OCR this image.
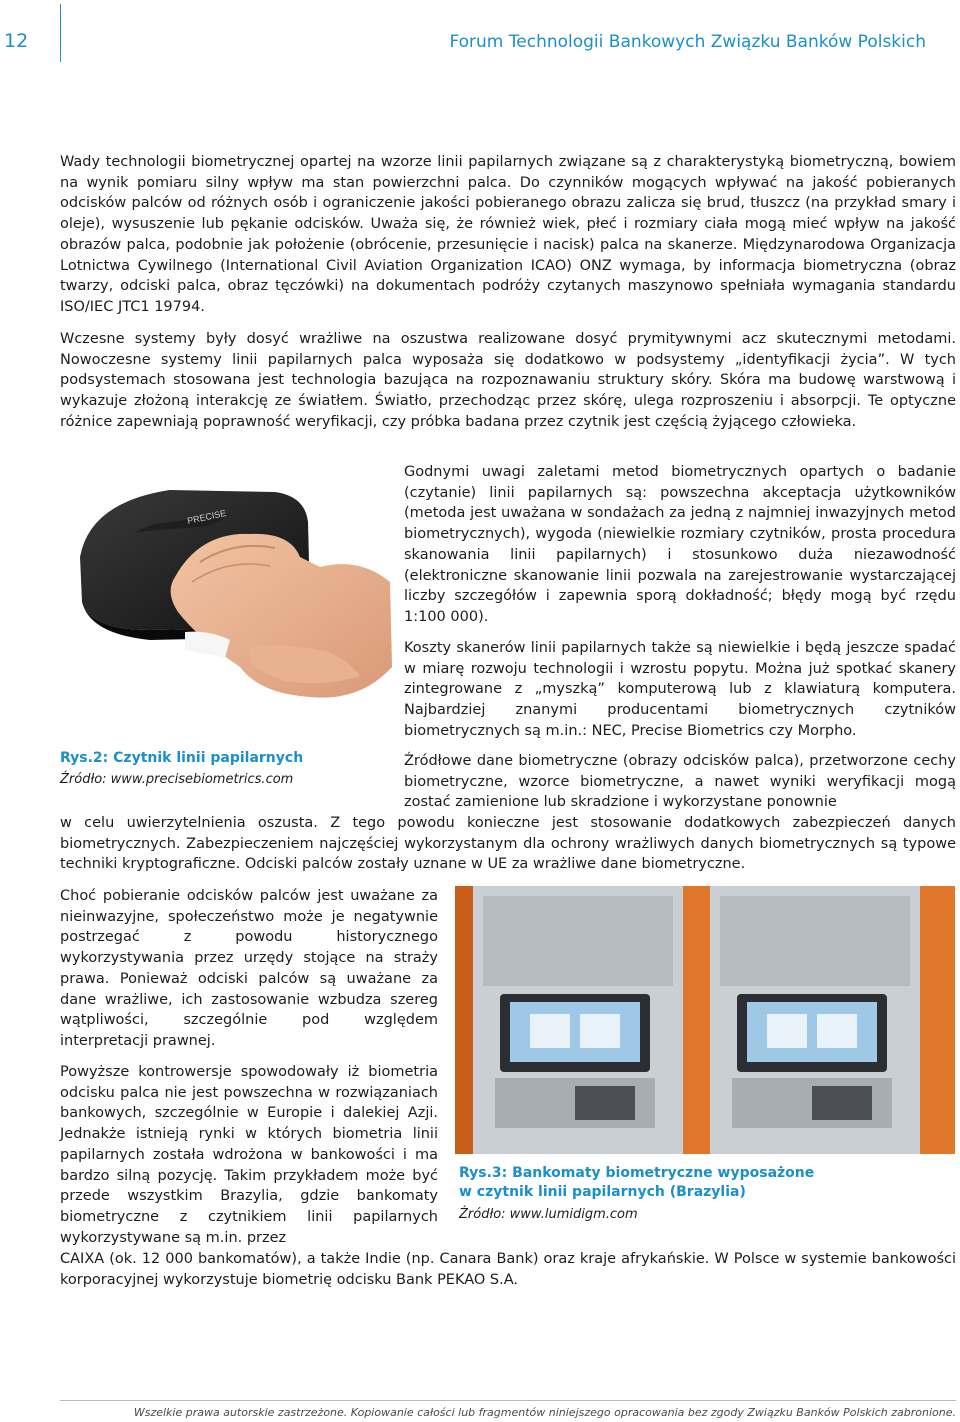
12	Forum Technologii Bankowych Związku Banków Polskich

Wady technologii biometrycznej opartej na wzorze linii papilarnych związane są z charakterystyką biometryczną, bowiem na wynik pomiaru silny wpływ ma stan powierzchni palca. Do czynników mogących wpływać na jakość pobieranych odcisków palców od różnych osób i ograniczenie jakości pobieranego obrazu zalicza się brud, tłuszcz (na przykład smary i oleje), wysuszenie lub pękanie odcisków. Uważa się, że również wiek, płeć i rozmiary ciała mogą mieć wpływ na jakość obrazów palca, podobnie jak położenie (obrócenie, przesunięcie i nacisk) palca na skanerze. Międzynarodowa Organizacja Lotnictwa Cywilnego (International Civil Aviation Organization ICAO) ONZ wymaga, by informacja biometryczna (obraz twarzy, odciski palca, obraz tęczówki) na dokumentach podróży czytanych maszynowo spełniała wymagania standardu ISO/IEC JTC1 19794.

Wczesne systemy były dosyć wrażliwe na oszustwa realizowane dosyć prymitywnymi acz skutecznymi metodami. Nowoczesne systemy linii papilarnych palca wyposaża się dodatkowo w podsystemy „identyfikacji życia”. W tych podsystemach stosowana jest technologia bazująca na rozpoznawaniu struktury skóry. Skóra ma budowę warstwową i wykazuje złożoną interakcję ze światłem. Światło, przechodząc przez skórę, ulega rozproszeniu i absorpcji. Te optyczne różnice zapewniają poprawność weryfikacji, czy próbka badana przez czytnik jest częścią żyjącego człowieka.

PRECISE

Godnymi uwagi zaletami metod biometrycznych opartych o badanie (czytanie) linii papilarnych są: powszechna akceptacja użytkowników (metoda jest uważana w sondażach za jedną z najmniej inwazyjnych metod biometrycznych), wygoda (niewielkie rozmiary czytników, prosta procedura skanowania linii papilarnych) i stosunkowo duża niezawodność (elektroniczne skanowanie linii pozwala na zarejestrowanie wystarczającej liczby szczegółów i zapewnia sporą dokładność; błędy mogą być rzędu 1:100 000).

Koszty skanerów linii papilarnych także są niewielkie i będą jeszcze spadać w miarę rozwoju technologii i wzrostu popytu. Można już spotkać skanery zintegrowane z „myszką” komputerową lub z klawiaturą komputera. Najbardziej znanymi producentami biometrycznych czytników biometrycznych są m.in.: NEC, Precise Biometrics czy Morpho.

Rys.2: Czytnik linii papilarnych

Źródło: www.precisebiometrics.com

Źródłowe dane biometryczne (obrazy odcisków palca), przetworzone cechy biometryczne, wzorce biometryczne, a nawet wyniki weryfikacji mogą zostać zamienione lub skradzione i wykorzystane ponownie

w celu uwierzytelnienia oszusta. Z tego powodu konieczne jest stosowanie dodatkowych zabezpieczeń danych biometrycznych. Zabezpieczeniem najczęściej wykorzystanym dla ochrony wrażliwych danych biometrycznych są typowe techniki kryptograficzne. Odciski palców zostały uznane w UE za wrażliwe dane biometryczne.

Choć pobieranie odcisków palców jest uważane za nieinwazyjne, społeczeństwo może je negatywnie postrzegać z powodu historycznego wykorzystywania przez urzędy stojące na straży prawa. Ponieważ odciski palców są uważane za dane wrażliwe, ich zastosowanie wzbudza szereg wątpliwości, szczególnie pod względem interpretacji prawnej.

Powyższe kontrowersje spowodowały iż biometria odcisku palca nie jest powszechna w rozwiązaniach bankowych, szczególnie w Europie i dalekiej Azji. Jednakże istnieją rynki w których biometria linii papilarnych została wdrożona w bankowości i ma bardzo silną pozycję. Takim przykładem może być przede wszystkim Brazylia, gdzie bankomaty biometryczne z czytnikiem linii papilarnych wykorzystywane są m.in. przez

Rys.3: Bankomaty biometryczne wyposażone

w czytnik linii papilarnych (Brazylia)

Źródło: www.lumidigm.com

CAIXA (ok. 12 000 bankomatów), a także Indie (np. Canara Bank) oraz kraje afrykańskie. W Polsce w systemie bankowości korporacyjnej wykorzystuje biometrię odcisku Bank PEKAO S.A.

Wszelkie prawa autorskie zastrzeżone. Kopiowanie całości lub fragmentów niniejszego opracowania bez zgody Związku Banków Polskich zabronione.
